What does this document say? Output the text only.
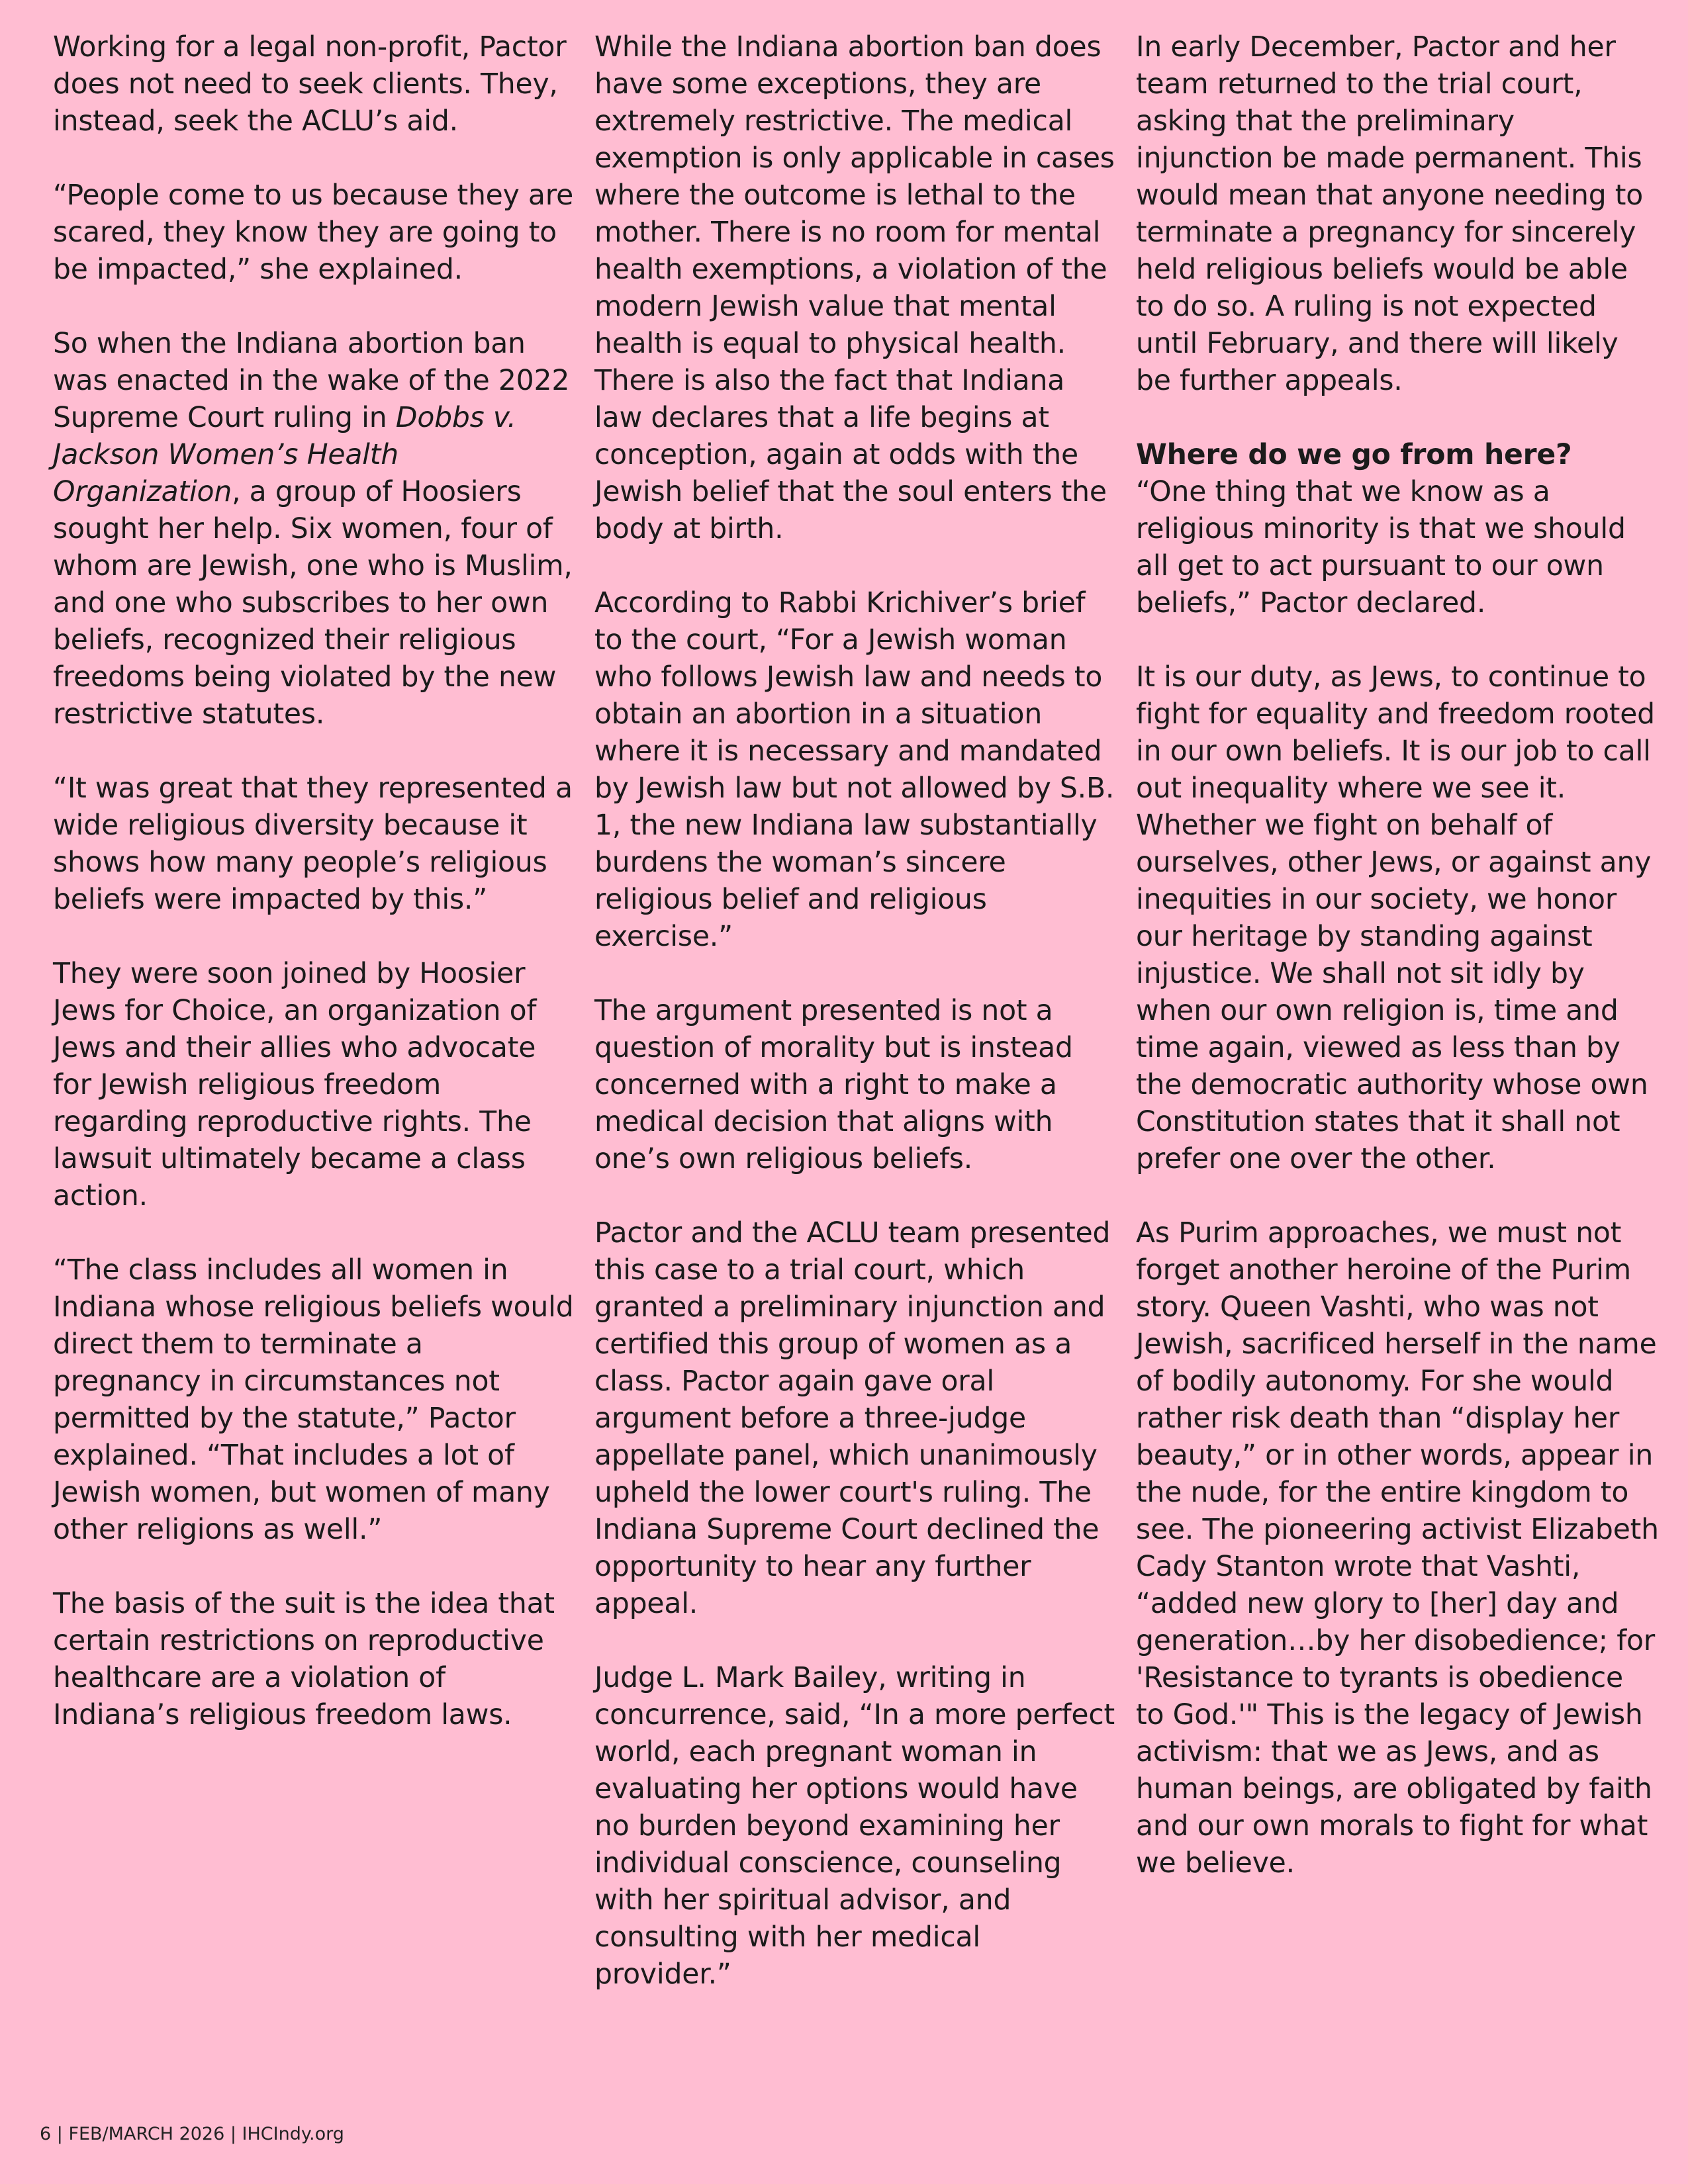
Working for a legal non-profit, Pactor does not need to seek clients. They, instead, seek the ACLU’s aid.

“People come to us because they are scared, they know they are going to be impacted,” she explained.

So when the Indiana abortion ban was enacted in the wake of the 2022 Supreme Court ruling in Dobbs v. Jackson Women’s Health Organization, a group of Hoosiers sought her help. Six women, four of whom are Jewish, one who is Muslim, and one who subscribes to her own beliefs, recognized their religious freedoms being violated by the new restrictive statutes.

“It was great that they represented a wide religious diversity because it shows how many people’s religious beliefs were impacted by this.”

They were soon joined by Hoosier Jews for Choice, an organization of Jews and their allies who advocate for Jewish religious freedom regarding reproductive rights. The lawsuit ultimately became a class action.

“The class includes all women in Indiana whose religious beliefs would direct them to terminate a pregnancy in circumstances not permitted by the statute,” Pactor explained. “That includes a lot of Jewish women, but women of many other religions as well.”

The basis of the suit is the idea that certain restrictions on reproductive healthcare are a violation of Indiana’s religious freedom laws.

While the Indiana abortion ban does have some exceptions, they are extremely restrictive. The medical exemption is only applicable in cases where the outcome is lethal to the mother. There is no room for mental health exemptions, a violation of the modern Jewish value that mental health is equal to physical health. There is also the fact that Indiana law declares that a life begins at conception, again at odds with the Jewish belief that the soul enters the body at birth.

According to Rabbi Krichiver’s brief to the court, “For a Jewish woman who follows Jewish law and needs to obtain an abortion in a situation where it is necessary and mandated by Jewish law but not allowed by S.B. 1, the new Indiana law substantially burdens the woman’s sincere religious belief and religious exercise.”

The argument presented is not a question of morality but is instead concerned with a right to make a medical decision that aligns with one’s own religious beliefs.

Pactor and the ACLU team presented this case to a trial court, which granted a preliminary injunction and certified this group of women as a class. Pactor again gave oral argument before a three-judge appellate panel, which unanimously upheld the lower court's ruling. The Indiana Supreme Court declined the opportunity to hear any further appeal.

Judge L. Mark Bailey, writing in concurrence, said, “In a more perfect world, each pregnant woman in evaluating her options would have no burden beyond examining her individual conscience, counseling with her spiritual advisor, and consulting with her medical provider.”

In early December, Pactor and her team returned to the trial court, asking that the preliminary injunction be made permanent. This would mean that anyone needing to terminate a pregnancy for sincerely held religious beliefs would be able to do so. A ruling is not expected until February, and there will likely be further appeals.

Where do we go from here?

“One thing that we know as a religious minority is that we should all get to act pursuant to our own beliefs,” Pactor declared.

It is our duty, as Jews, to continue to fight for equality and freedom rooted in our own beliefs. It is our job to call out inequality where we see it. Whether we fight on behalf of ourselves, other Jews, or against any inequities in our society, we honor our heritage by standing against injustice. We shall not sit idly by when our own religion is, time and time again, viewed as less than by the democratic authority whose own Constitution states that it shall not prefer one over the other.

As Purim approaches, we must not forget another heroine of the Purim story. Queen Vashti, who was not Jewish, sacrificed herself in the name of bodily autonomy. For she would rather risk death than “display her beauty,” or in other words, appear in the nude, for the entire kingdom to see. The pioneering activist Elizabeth Cady Stanton wrote that Vashti, “added new glory to [her] day and generation…by her disobedience; for 'Resistance to tyrants is obedience to God.'" This is the legacy of Jewish activism: that we as Jews, and as human beings, are obligated by faith and our own morals to fight for what we believe.

6 | FEB/MARCH 2026 | IHCIndy.org
